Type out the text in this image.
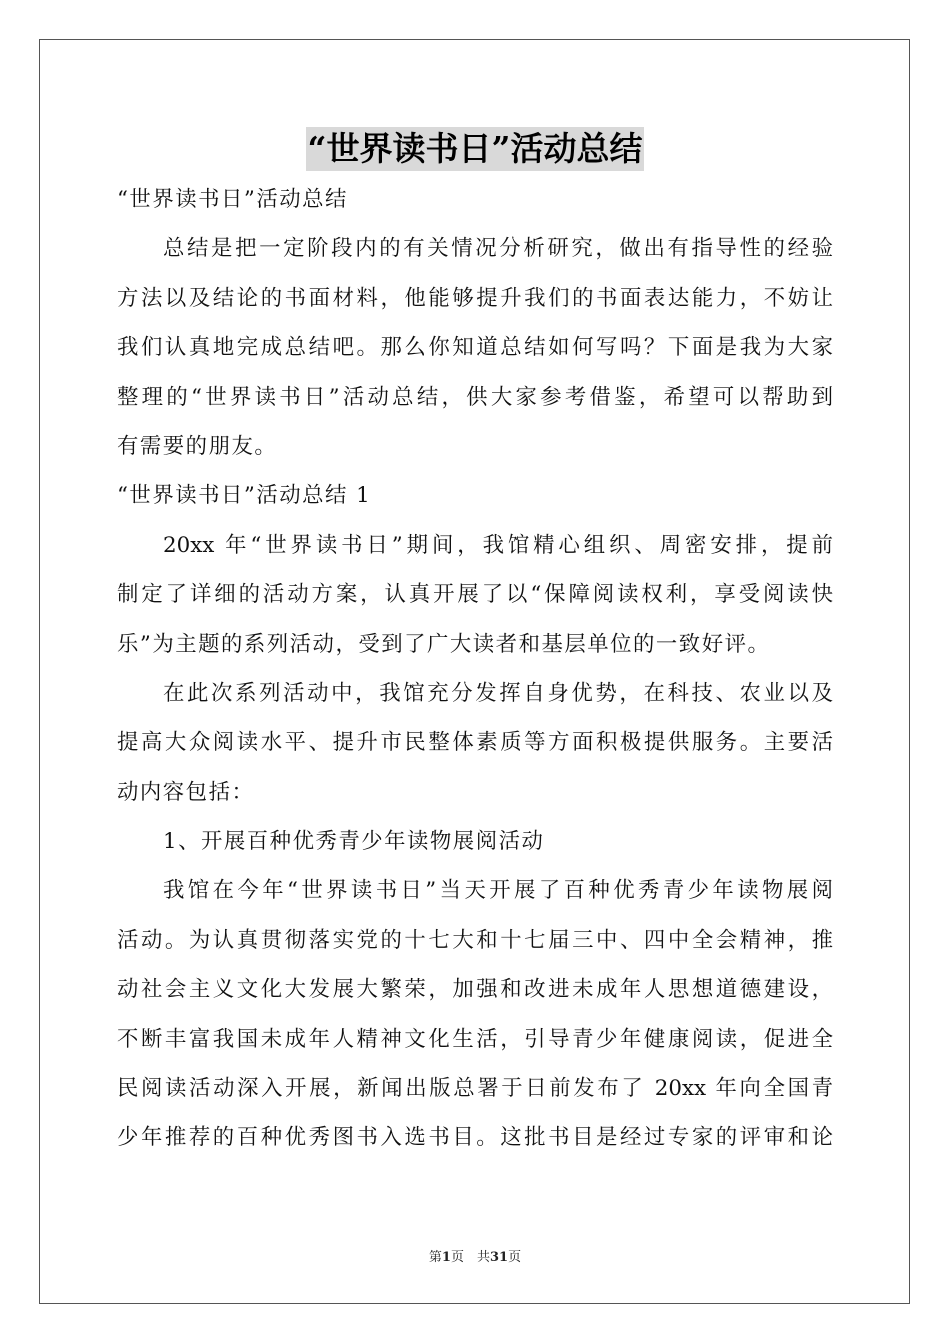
“世界读书日”活动总结
“世界读书日”活动总结
总结是把一定阶段内的有关情况分析研究，做出有指导性的经验
方法以及结论的书面材料，他能够提升我们的书面表达能力，不妨让
我们认真地完成总结吧。那么你知道总结如何写吗？下面是我为大家
整理的“世界读书日”活动总结，供大家参考借鉴，希望可以帮助到
有需要的朋友。
“世界读书日”活动总结 1
20xx 年“世界读书日”期间，我馆精心组织、周密安排，提前
制定了详细的活动方案，认真开展了以“保障阅读权利，享受阅读快
乐”为主题的系列活动，受到了广大读者和基层单位的一致好评。
在此次系列活动中，我馆充分发挥自身优势，在科技、农业以及
提高大众阅读水平、提升市民整体素质等方面积极提供服务。主要活
动内容包括：
1、开展百种优秀青少年读物展阅活动
我馆在今年“世界读书日”当天开展了百种优秀青少年读物展阅
活动。为认真贯彻落实党的十七大和十七届三中、四中全会精神，推
动社会主义文化大发展大繁荣，加强和改进未成年人思想道德建设，
不断丰富我国未成年人精神文化生活，引导青少年健康阅读，促进全
民阅读活动深入开展，新闻出版总署于日前发布了 20xx 年向全国青
少年推荐的百种优秀图书入选书目。这批书目是经过专家的评审和论
第1页　共31页
